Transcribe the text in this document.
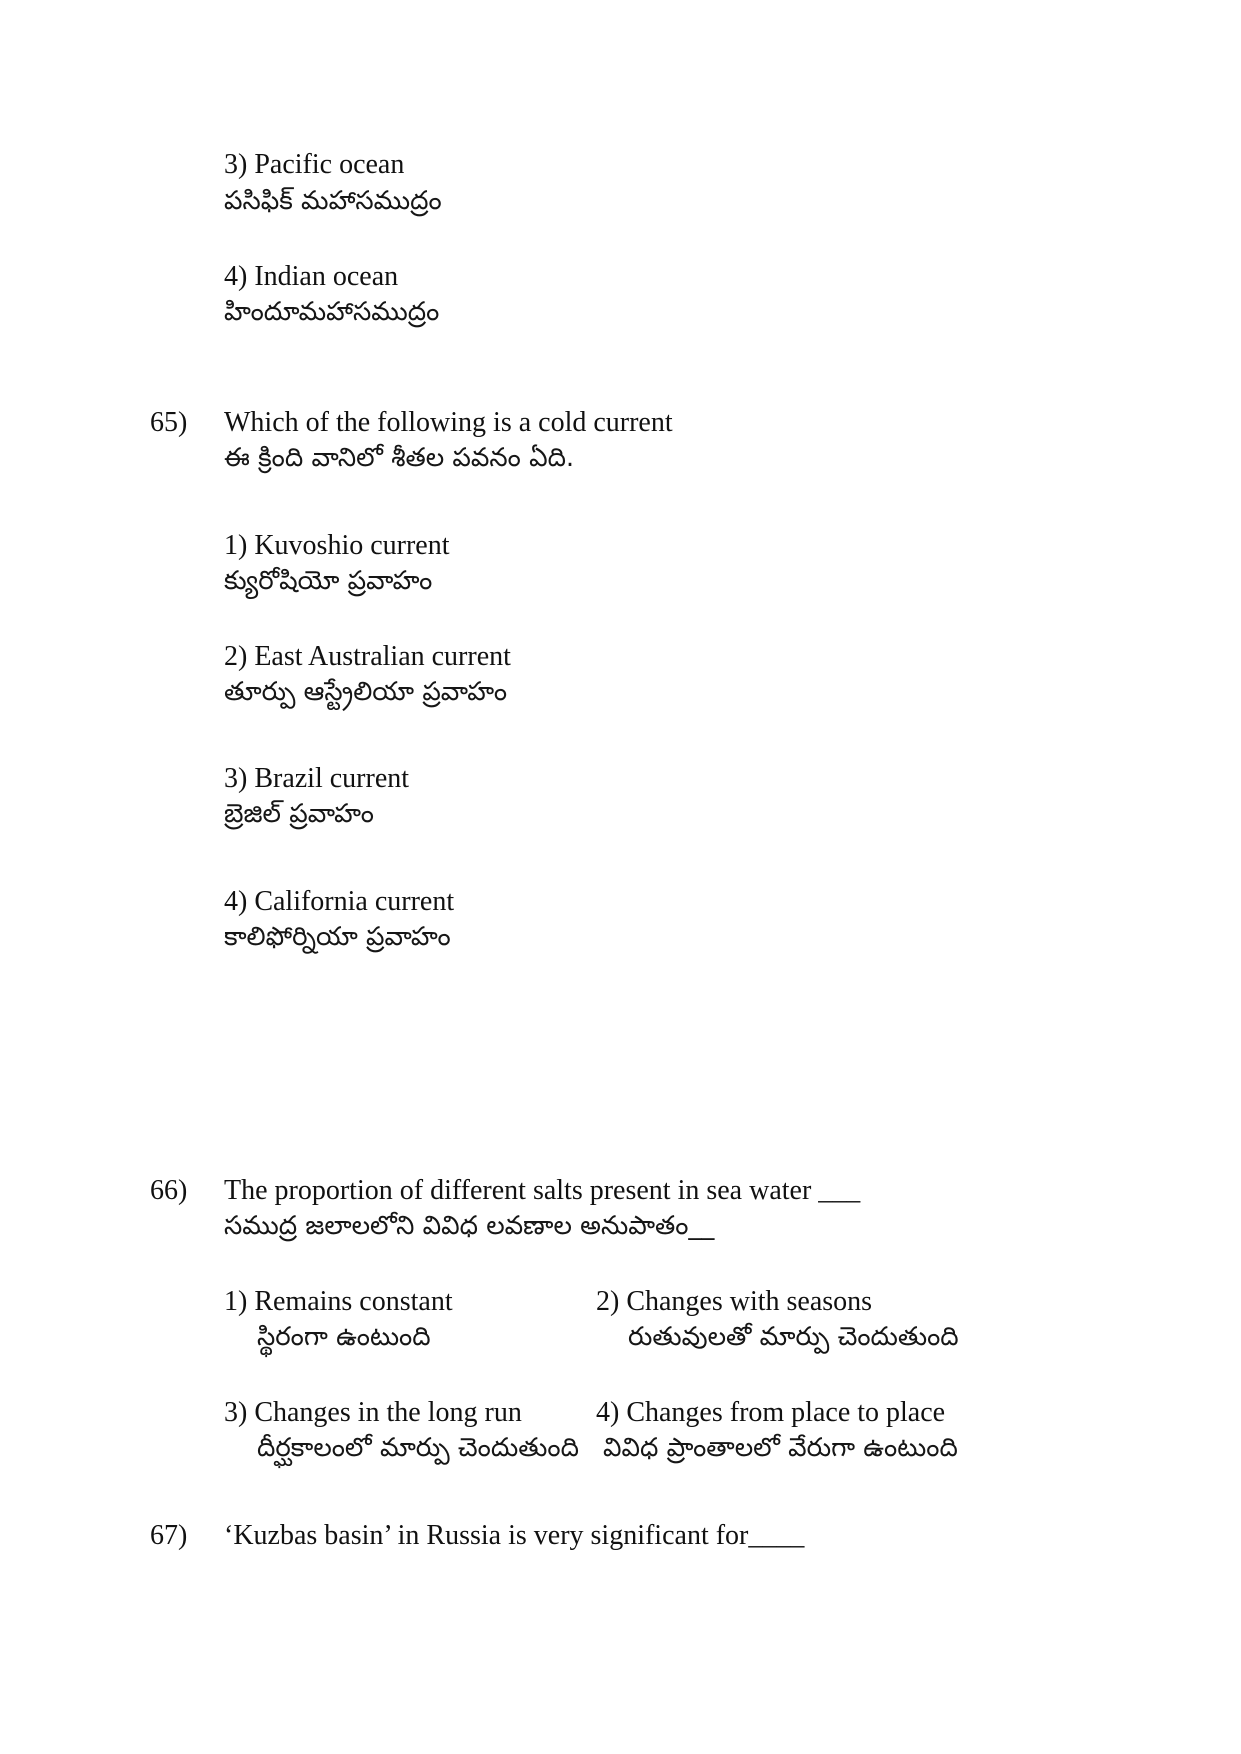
3) Pacific ocean
పసిఫిక్ మహాసముద్రం
4) Indian ocean
హిందూమహాసముద్రం
65) Which of the following is a cold current
ఈ క్రింది వానిలో శీతల పవనం ఏది.
1) Kuvoshio current
క్యురోషియో ప్రవాహం
2) East Australian current
తూర్పు ఆస్ట్రేలియా ప్రవాహం
3) Brazil current
బ్రెజిల్ ప్రవాహం
4) California current
కాలిఫోర్నియా ప్రవాహం
66) The proportion of different salts present in sea water ___
సముద్ర జలాలలోని వివిధ లవణాల అనుపాతం__
1) Remains constant
స్థిరంగా ఉంటుంది
2) Changes with seasons
రుతువులతో మార్పు చెందుతుంది
3) Changes in the long run
దీర్ఘకాలంలో మార్పు చెందుతుంది
4) Changes from place to place
వివిధ ప్రాంతాలలో వేరుగా ఉంటుంది
67) ‘Kuzbas basin’ in Russia is very significant for____
